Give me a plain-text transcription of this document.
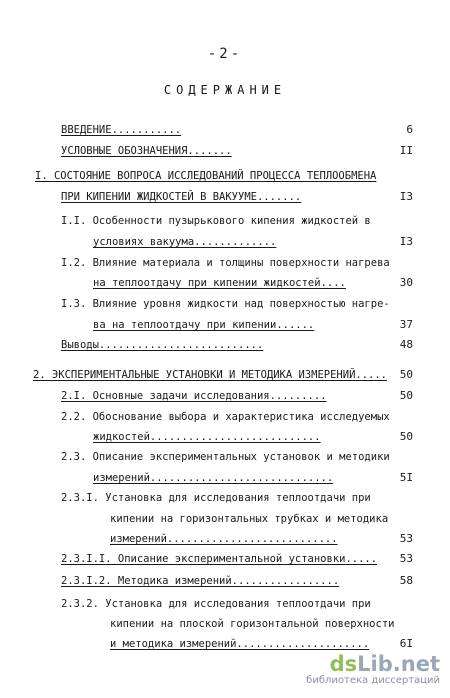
-2-
СОДЕРЖАНИЕ
ВВЕДЕНИЕ...........	6
УСЛОВНЫЕ ОБОЗНАЧЕНИЯ.......	II
I. СОСТОЯНИЕ ВОПРОСА ИССЛЕДОВАНИЙ ПРОЦЕССА ТЕПЛООБМЕНА
ПРИ КИПЕНИИ ЖИДКОСТЕЙ В ВАКУУМЕ.......	I3
I.I. Особенности пузырькового кипения жидкостей в
условиях вакуума.............	I3
I.2. Влияние материала и толщины поверхности нагрева
на теплоотдачу при кипении жидкостей....	30
I.3. Влияние уровня жидкости над поверхностью нагре-
ва на теплоотдачу при кипении......	37
Выводы..........................	48
2. ЭКСПЕРИМЕНТАЛЬНЫЕ УСТАНОВКИ И МЕТОДИКА ИЗМЕРЕНИЙ.....	50
2.I. Основные задачи исследования.........	50
2.2. Обоснование выбора и характеристика исследуемых
жидкостей...........................	50
2.3. Описание экспериментальных установок и методики
измерений.............................	5I
2.3.I. Установка для исследования теплоотдачи при
кипении на горизонтальных трубках и методика
измерений...........................	53
2.3.I.I. Описание экспериментальной установки.....	53
2.3.I.2. Методика измерений.................	58
2.3.2. Установка для исследования теплоотдачи при
кипении на плоской горизонтальной поверхности
и методика измерений.....................	6I
dsLib.net
библиотека диссертаций
